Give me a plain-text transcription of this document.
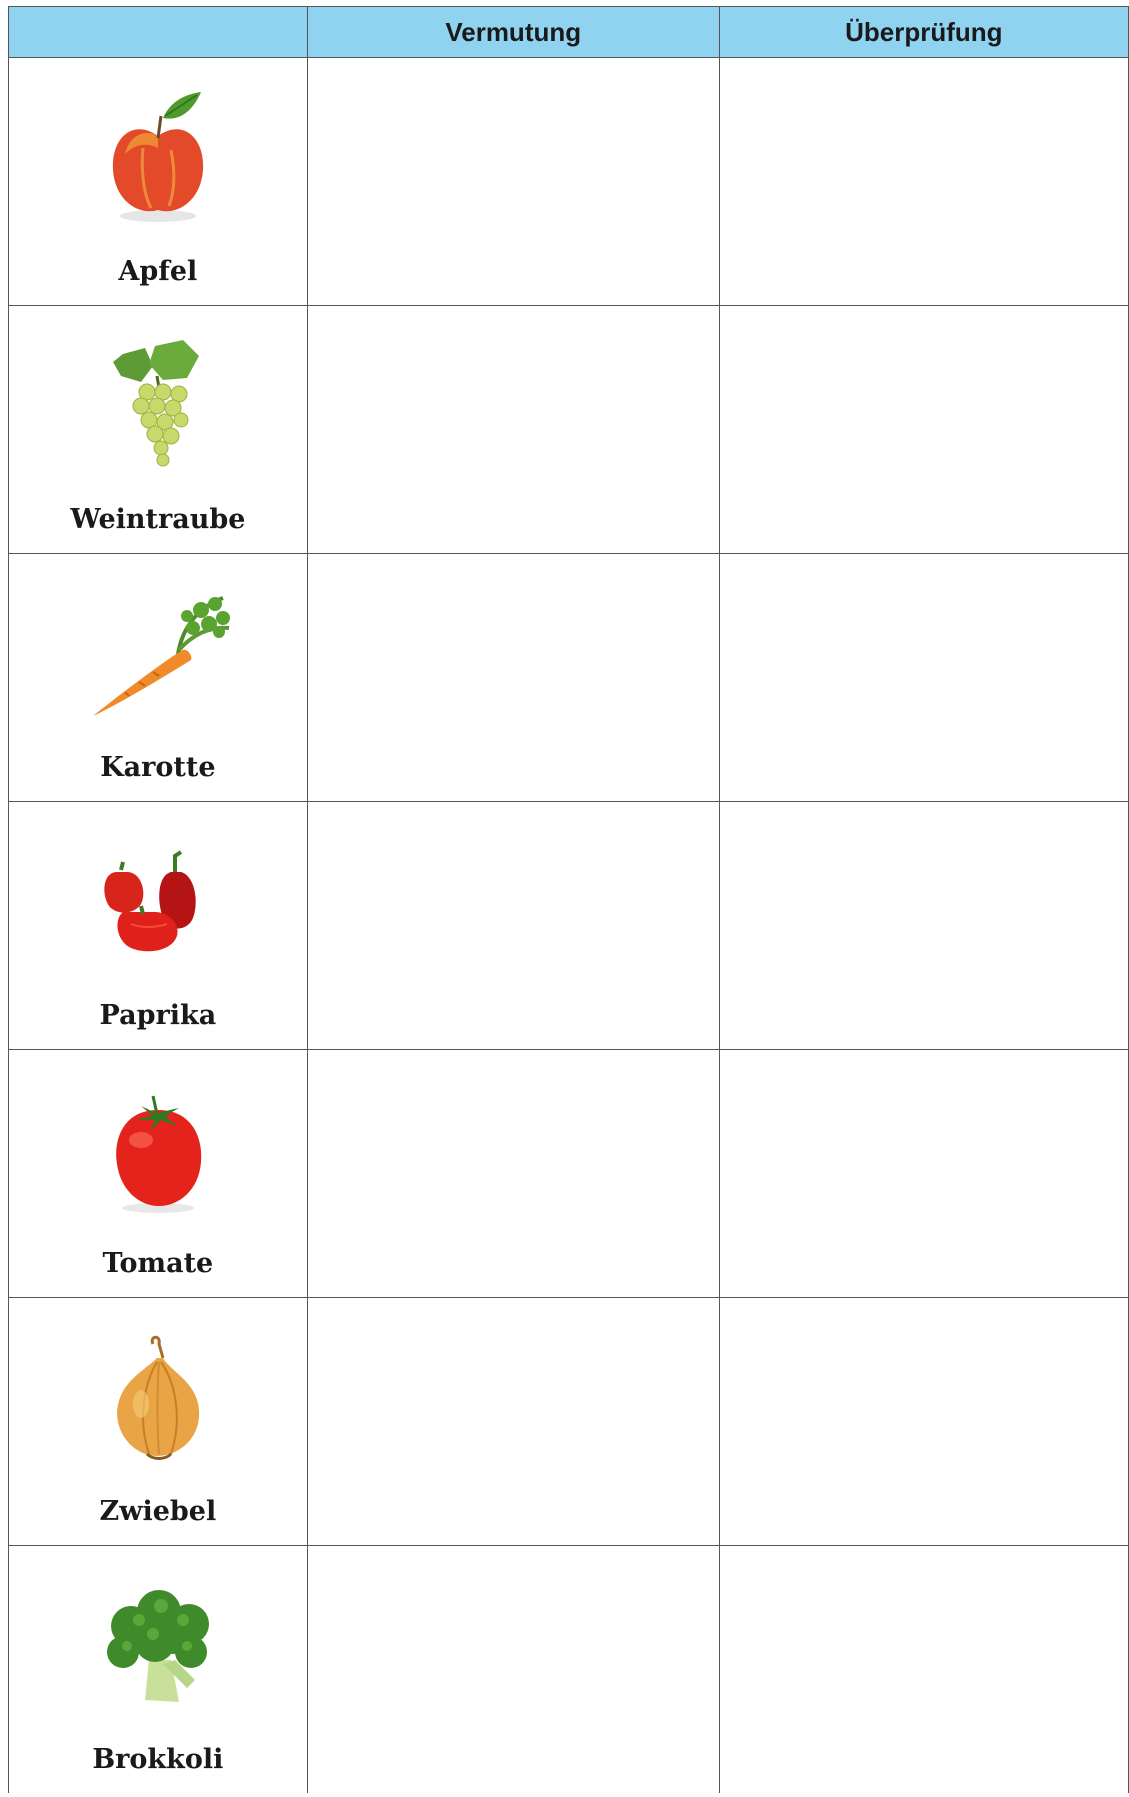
	Vermutung	Überprüfung

Apfel		

Weintraube		

Karotte		

Paprika		

Tomate		

Zwiebel		

Brokkoli		
